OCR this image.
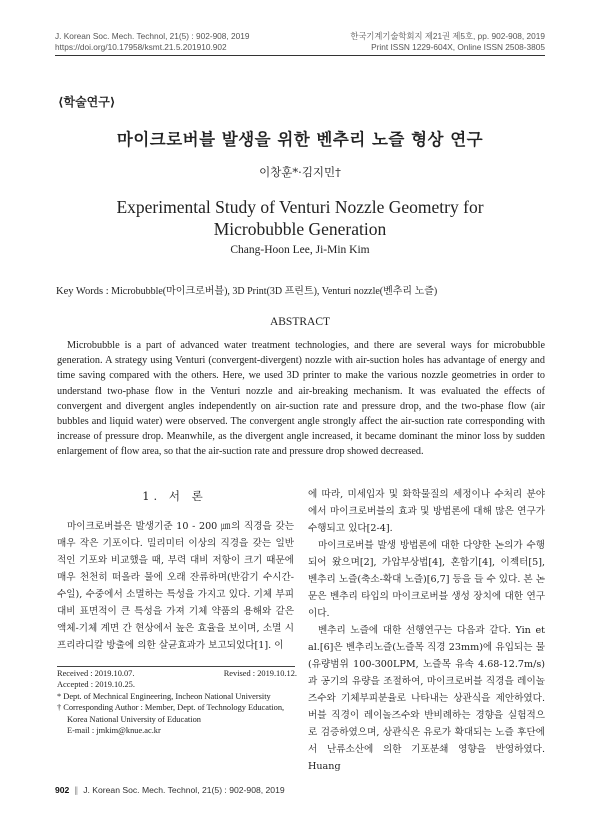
J. Korean Soc. Mech. Technol, 21(5) : 902-908, 2019
https://doi.org/10.17958/ksmt.21.5.201910.902
한국기계기술학회지 제21권 제5호, pp. 902-908, 2019
Print ISSN 1229-604X, Online ISSN 2508-3805
⟨학술연구⟩
마이크로버블 발생을 위한 벤추리 노즐 형상 연구
이창훈*·김지민†
Experimental Study of Venturi Nozzle Geometry for Microbubble Generation
Chang-Hoon Lee, Ji-Min Kim
Key Words : Microbubble(마이크로버블), 3D Print(3D 프린트), Venturi nozzle(벤추리 노즐)
ABSTRACT

Microbubble is a part of advanced water treatment technologies, and there are several ways for microbubble generation. A strategy using Venturi (convergent-divergent) nozzle with air-suction holes has advantage of energy and time saving compared with the others. Here, we used 3D printer to make the various nozzle geometries in order to understand two-phase flow in the Venturi nozzle and air-breaking mechanism. It was evaluated the effects of convergent and divergent angles independently on air-suction rate and pressure drop, and the two-phase flow (air bubbles and liquid water) were observed. The convergent angle strongly affect the air-suction rate corresponding with increase of pressure drop. Meanwhile, as the divergent angle increased, it became dominant the minor loss by sudden enlargement of flow area, so that the air-suction rate and pressure drop showed decreased.

1. 서 론

마이크로버블은 발생기준 10 - 200 ㎛의 직경을 갖는 매우 작은 기포이다. 밀리미터 이상의 직경을 갖는 일반적인 기포와 비교했을 때, 부력 대비 저항이 크기 때문에 매우 천천히 떠올라 물에 오래 잔류하며(반감기 수시간-수일), 수중에서 소멸하는 특성을 가지고 있다. 기체 부피 대비 표면적이 큰 특성을 가져 기체 약품의 용해와 같은 액체-기체 계면 간 현상에서 높은 효율을 보이며, 소멸 시 프리라디칼 방출에 의한 살균효과가 보고되었다[1]. 이

에 따라, 미세입자 및 화학물질의 세정이나 수처리 분야에서 마이크로버블의 효과 및 방법론에 대해 많은 연구가 수행되고 있다[2-4].

마이크로버블 발생 방법론에 대한 다양한 논의가 수행되어 왔으며[2], 가압부상법[4], 혼합기[4], 이젝터[5], 벤추리 노즐(축소-확대 노즐)[6,7] 등을 들 수 있다. 본 논문은 벤추리 타입의 마이크로버블 생성 장치에 대한 연구이다.

벤추리 노즐에 대한 선행연구는 다음과 같다. Yin et al.[6]은 벤추리노즐(노즐목 직경 23mm)에 유입되는 물(유량범위 100-300LPM, 노즐목 유속 4.68-12.7m/s)과 공기의 유량을 조절하여, 마이크로버블 직경을 레이놀즈수와 기체부피분율로 나타내는 상관식을 제안하였다. 버블 직경이 레이놀즈수와 반비례하는 경향을 실험적으로 검증하였으며, 상관식은 유로가 확대되는 노즐 후단에서 난류소산에 의한 기포분쇄 영향을 반영하였다. Huang

Received : 2019.10.07.	Revised : 2019.10.12.
Accepted : 2019.10.25.
* Dept. of Mechnical Engineering, Incheon National University
† Corresponding Author : Member, Dept. of Technology Education,
Korea National University of Education
E-mail : jmkim@knue.ac.kr
902  ∥  J. Korean Soc. Mech. Technol, 21(5) : 902-908, 2019
